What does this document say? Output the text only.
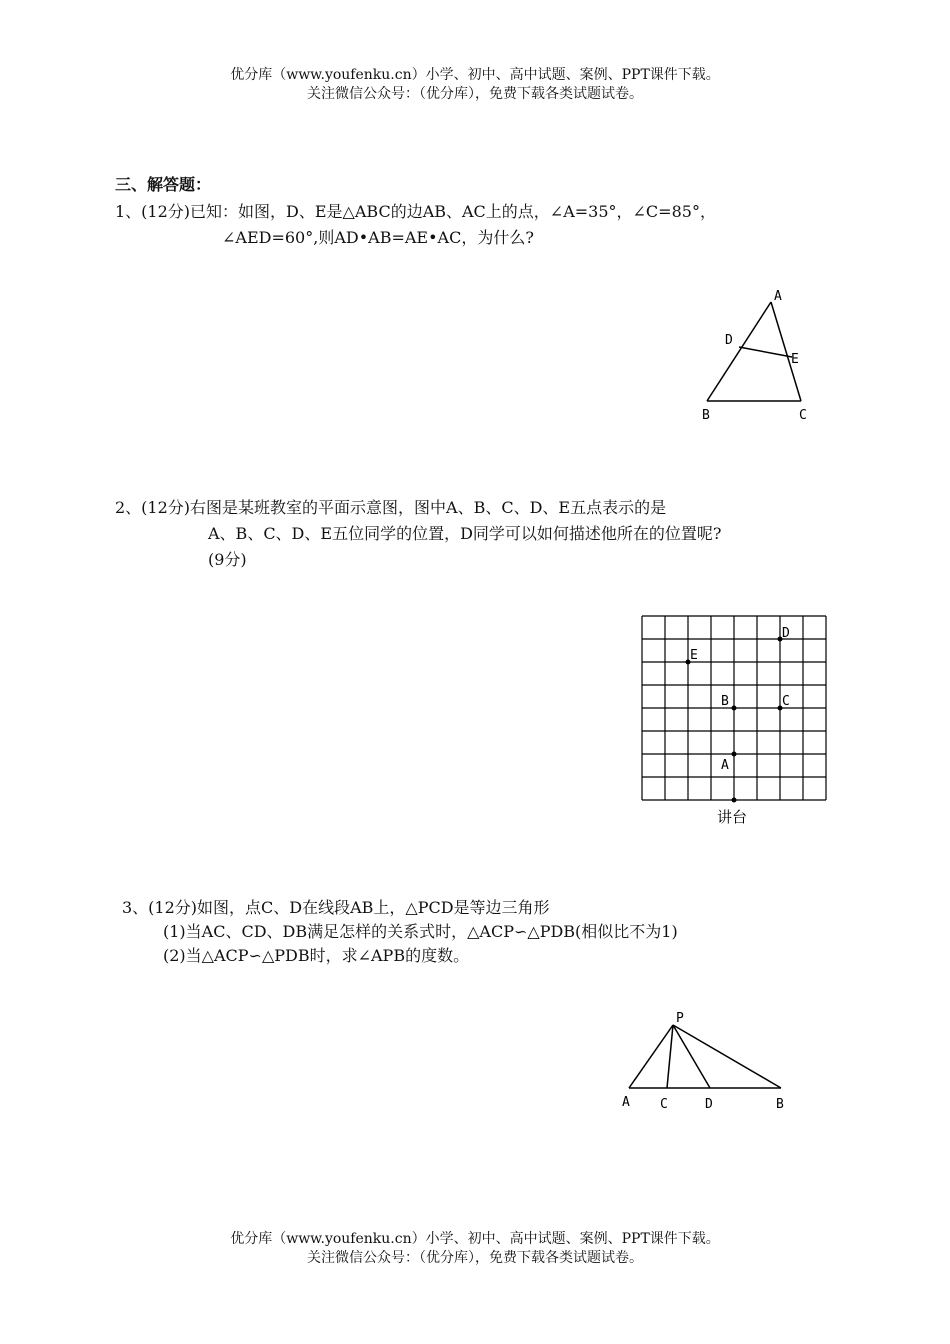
优分库（www.youfenku.cn）小学、初中、高中试题、案例、PPT课件下载。
关注微信公众号：（优分库），免费下载各类试题试卷。
三、解答题：
1、(12分)已知：如图，D、E是△ABC的边AB、AC上的点，∠A=35°，∠C=85°，
∠AED=60°,则AD•AB=AE•AC，为什么?
A
D
E
B	C
2、(12分)右图是某班教室的平面示意图，图中A、B、C、D、E五点表示的是
A、B、C、D、E五位同学的位置，D同学可以如何描述他所在的位置呢?
(9分)
D
E
B	C
A
讲台
3、(12分)如图，点C、D在线段AB上，△PCD是等边三角形
(1)当AC、CD、DB满足怎样的关系式时，△ACP∽△PDB(相似比不为1)
(2)当△ACP∽△PDB时，求∠APB的度数。
P
A C	D	B
优分库（www.youfenku.cn）小学、初中、高中试题、案例、PPT课件下载。
关注微信公众号：（优分库），免费下载各类试题试卷。
